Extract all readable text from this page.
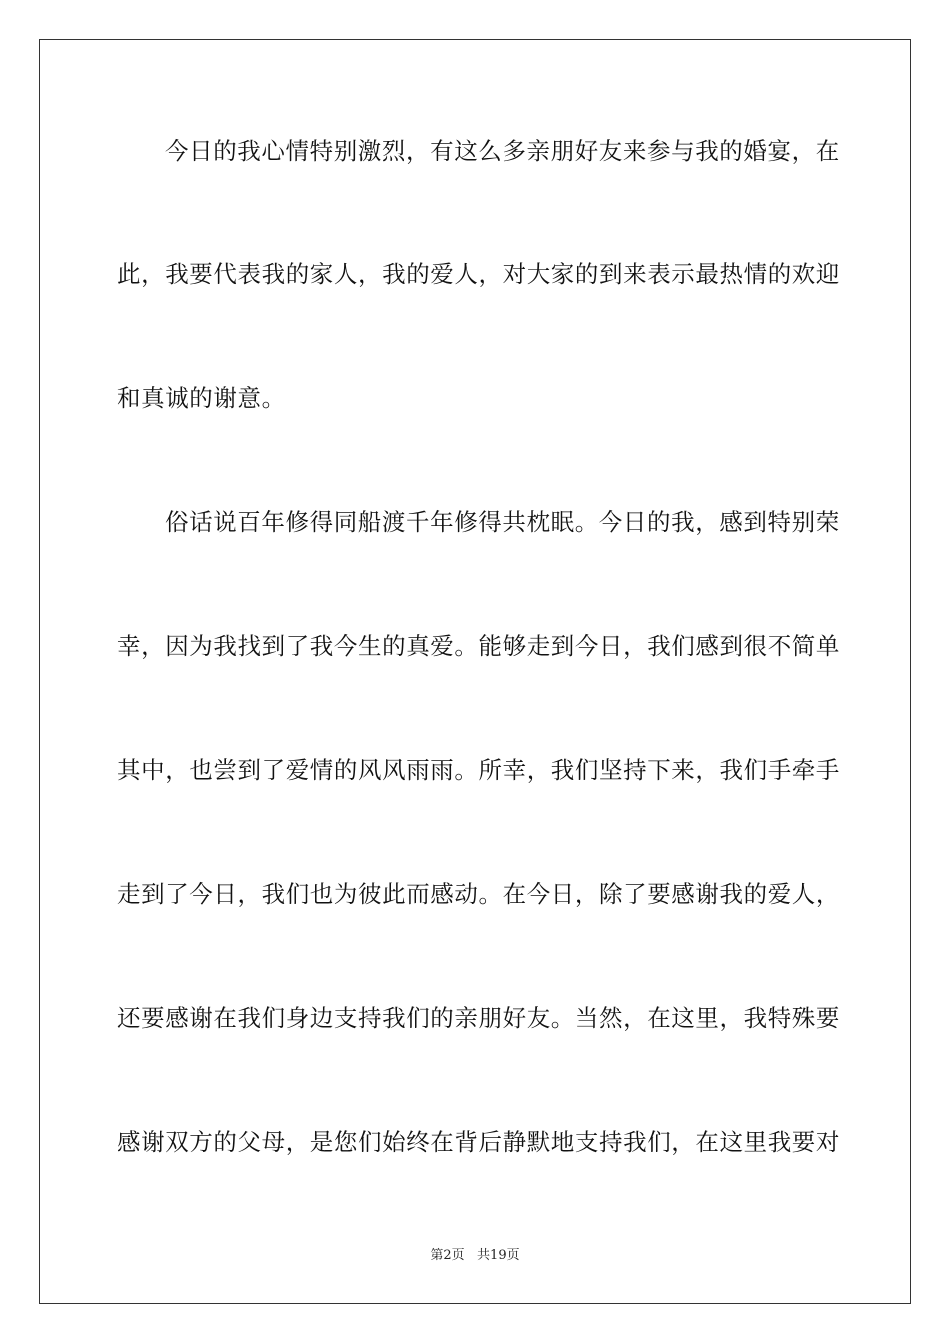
今日的我心情特别激烈，有这么多亲朋好友来参与我的婚宴，在
此，我要代表我的家人，我的爱人，对大家的到来表示最热情的欢迎
和真诚的谢意。
俗话说百年修得同船渡千年修得共枕眠。今日的我，感到特别荣
幸，因为我找到了我今生的真爱。能够走到今日，我们感到很不简单
其中，也尝到了爱情的风风雨雨。所幸，我们坚持下来，我们手牵手
走到了今日，我们也为彼此而感动。在今日，除了要感谢我的爱人，
还要感谢在我们身边支持我们的亲朋好友。当然，在这里，我特殊要
感谢双方的父母，是您们始终在背后静默地支持我们，在这里我要对
第2页   共19页
